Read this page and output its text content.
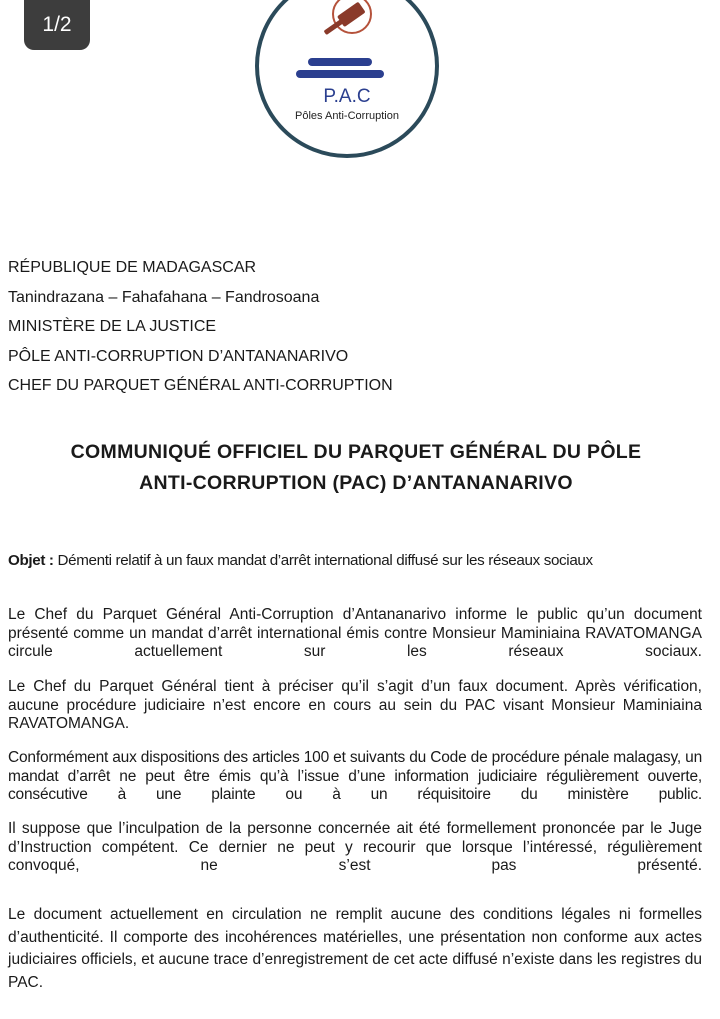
1/2
P.A.C
Pôles Anti-Corruption
RÉPUBLIQUE DE MADAGASCAR
Tanindrazana – Fahafahana – Fandrosoana
MINISTÈRE DE LA JUSTICE
PÔLE ANTI-CORRUPTION D’ANTANANARIVO
CHEF DU PARQUET GÉNÉRAL ANTI-CORRUPTION
COMMUNIQUÉ OFFICIEL DU PARQUET GÉNÉRAL DU PÔLE
ANTI-CORRUPTION (PAC) D’ANTANANARIVO
Objet : Démenti relatif à un faux mandat d’arrêt international diffusé sur les réseaux sociaux
Le Chef du Parquet Général Anti-Corruption d’Antananarivo informe le public qu’un document présenté comme un mandat d’arrêt international émis contre Monsieur Maminiaina RAVATOMANGA circule actuellement sur les réseaux sociaux.
Le Chef du Parquet Général tient à préciser qu’il s’agit d’un faux document. Après vérification, aucune procédure judiciaire n’est encore en cours au sein du PAC visant Monsieur Maminiaina RAVATOMANGA.
Conformément aux dispositions des articles 100 et suivants du Code de procédure pénale malagasy, un mandat d’arrêt ne peut être émis qu’à l’issue d’une information judiciaire régulièrement ouverte, consécutive à une plainte ou à un réquisitoire du ministère public.
Il suppose que l’inculpation de la personne concernée ait été formellement prononcée par le Juge d’Instruction compétent. Ce dernier ne peut y recourir que lorsque l’intéressé, régulièrement convoqué, ne s’est pas présenté.
Le document actuellement en circulation ne remplit aucune des conditions légales ni formelles d’authenticité. Il comporte des incohérences matérielles, une présentation non conforme aux actes judiciaires officiels, et aucune trace d’enregistrement de cet acte diffusé n’existe dans les registres du PAC.
